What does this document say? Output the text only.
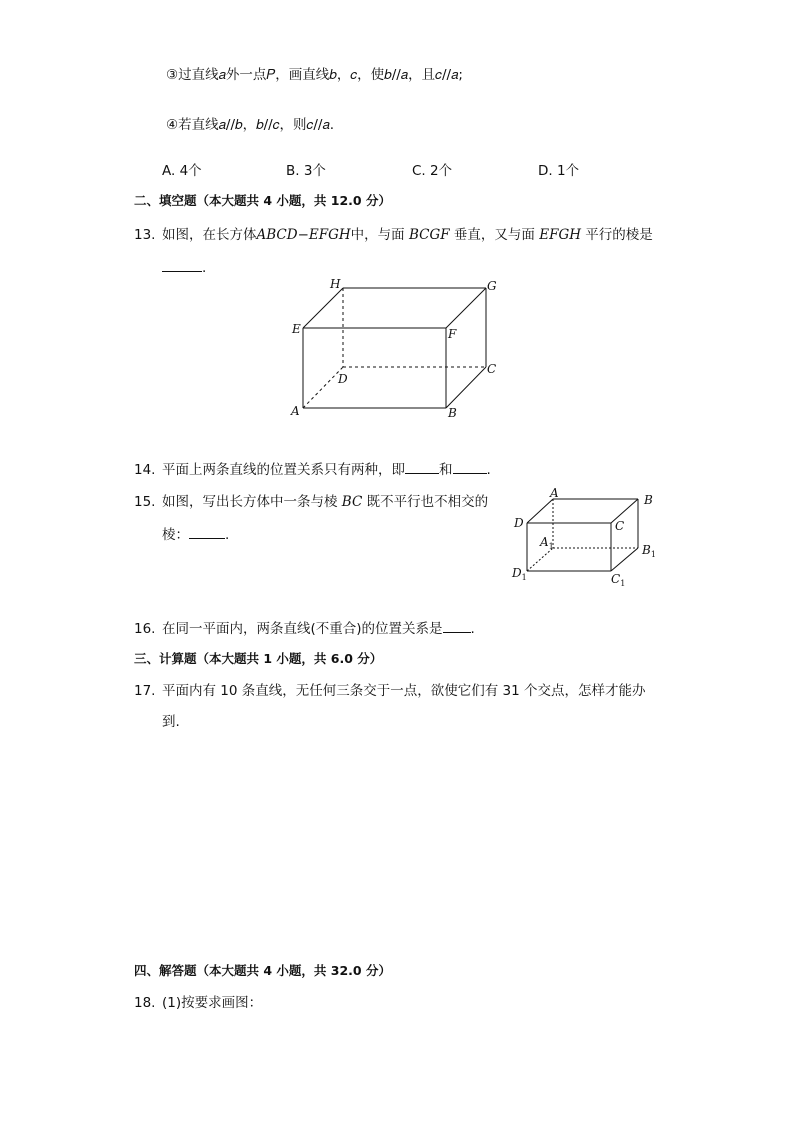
③过直线𝑎外一点𝑃，画直线𝑏，𝑐，使𝑏//𝑎，且𝑐//𝑎;
④若直线𝑎//𝑏，𝑏//𝑐，则𝑐//𝑎.
A. 4个	B. 3个	C. 2个	D. 1个
二、填空题（本大题共 4 小题，共 12.0 分）
13. 如图，在长方体ABCD−EFGH中，与面 BCGF 垂直，又与面 EFGH 平行的棱是
.
H	G
E	F
D
C
A	B
14. 平面上两条直线的位置关系只有两种，即	和	.
15. 如图，写出长方体中一条与棱 BC 既不平行也不相交的
棱：	.
A	B
D	C
$A_1$	$B_1$
$D_1$	$C_1$
16. 在同一平面内，两条直线(不重合)的位置关系是 .
三、计算题（本大题共 1 小题，共 6.0 分）
17. 平面内有 10 条直线，无任何三条交于一点，欲使它们有 31 个交点，怎样才能办
到.
四、解答题（本大题共 4 小题，共 32.0 分）
18. (1)按要求画图：
